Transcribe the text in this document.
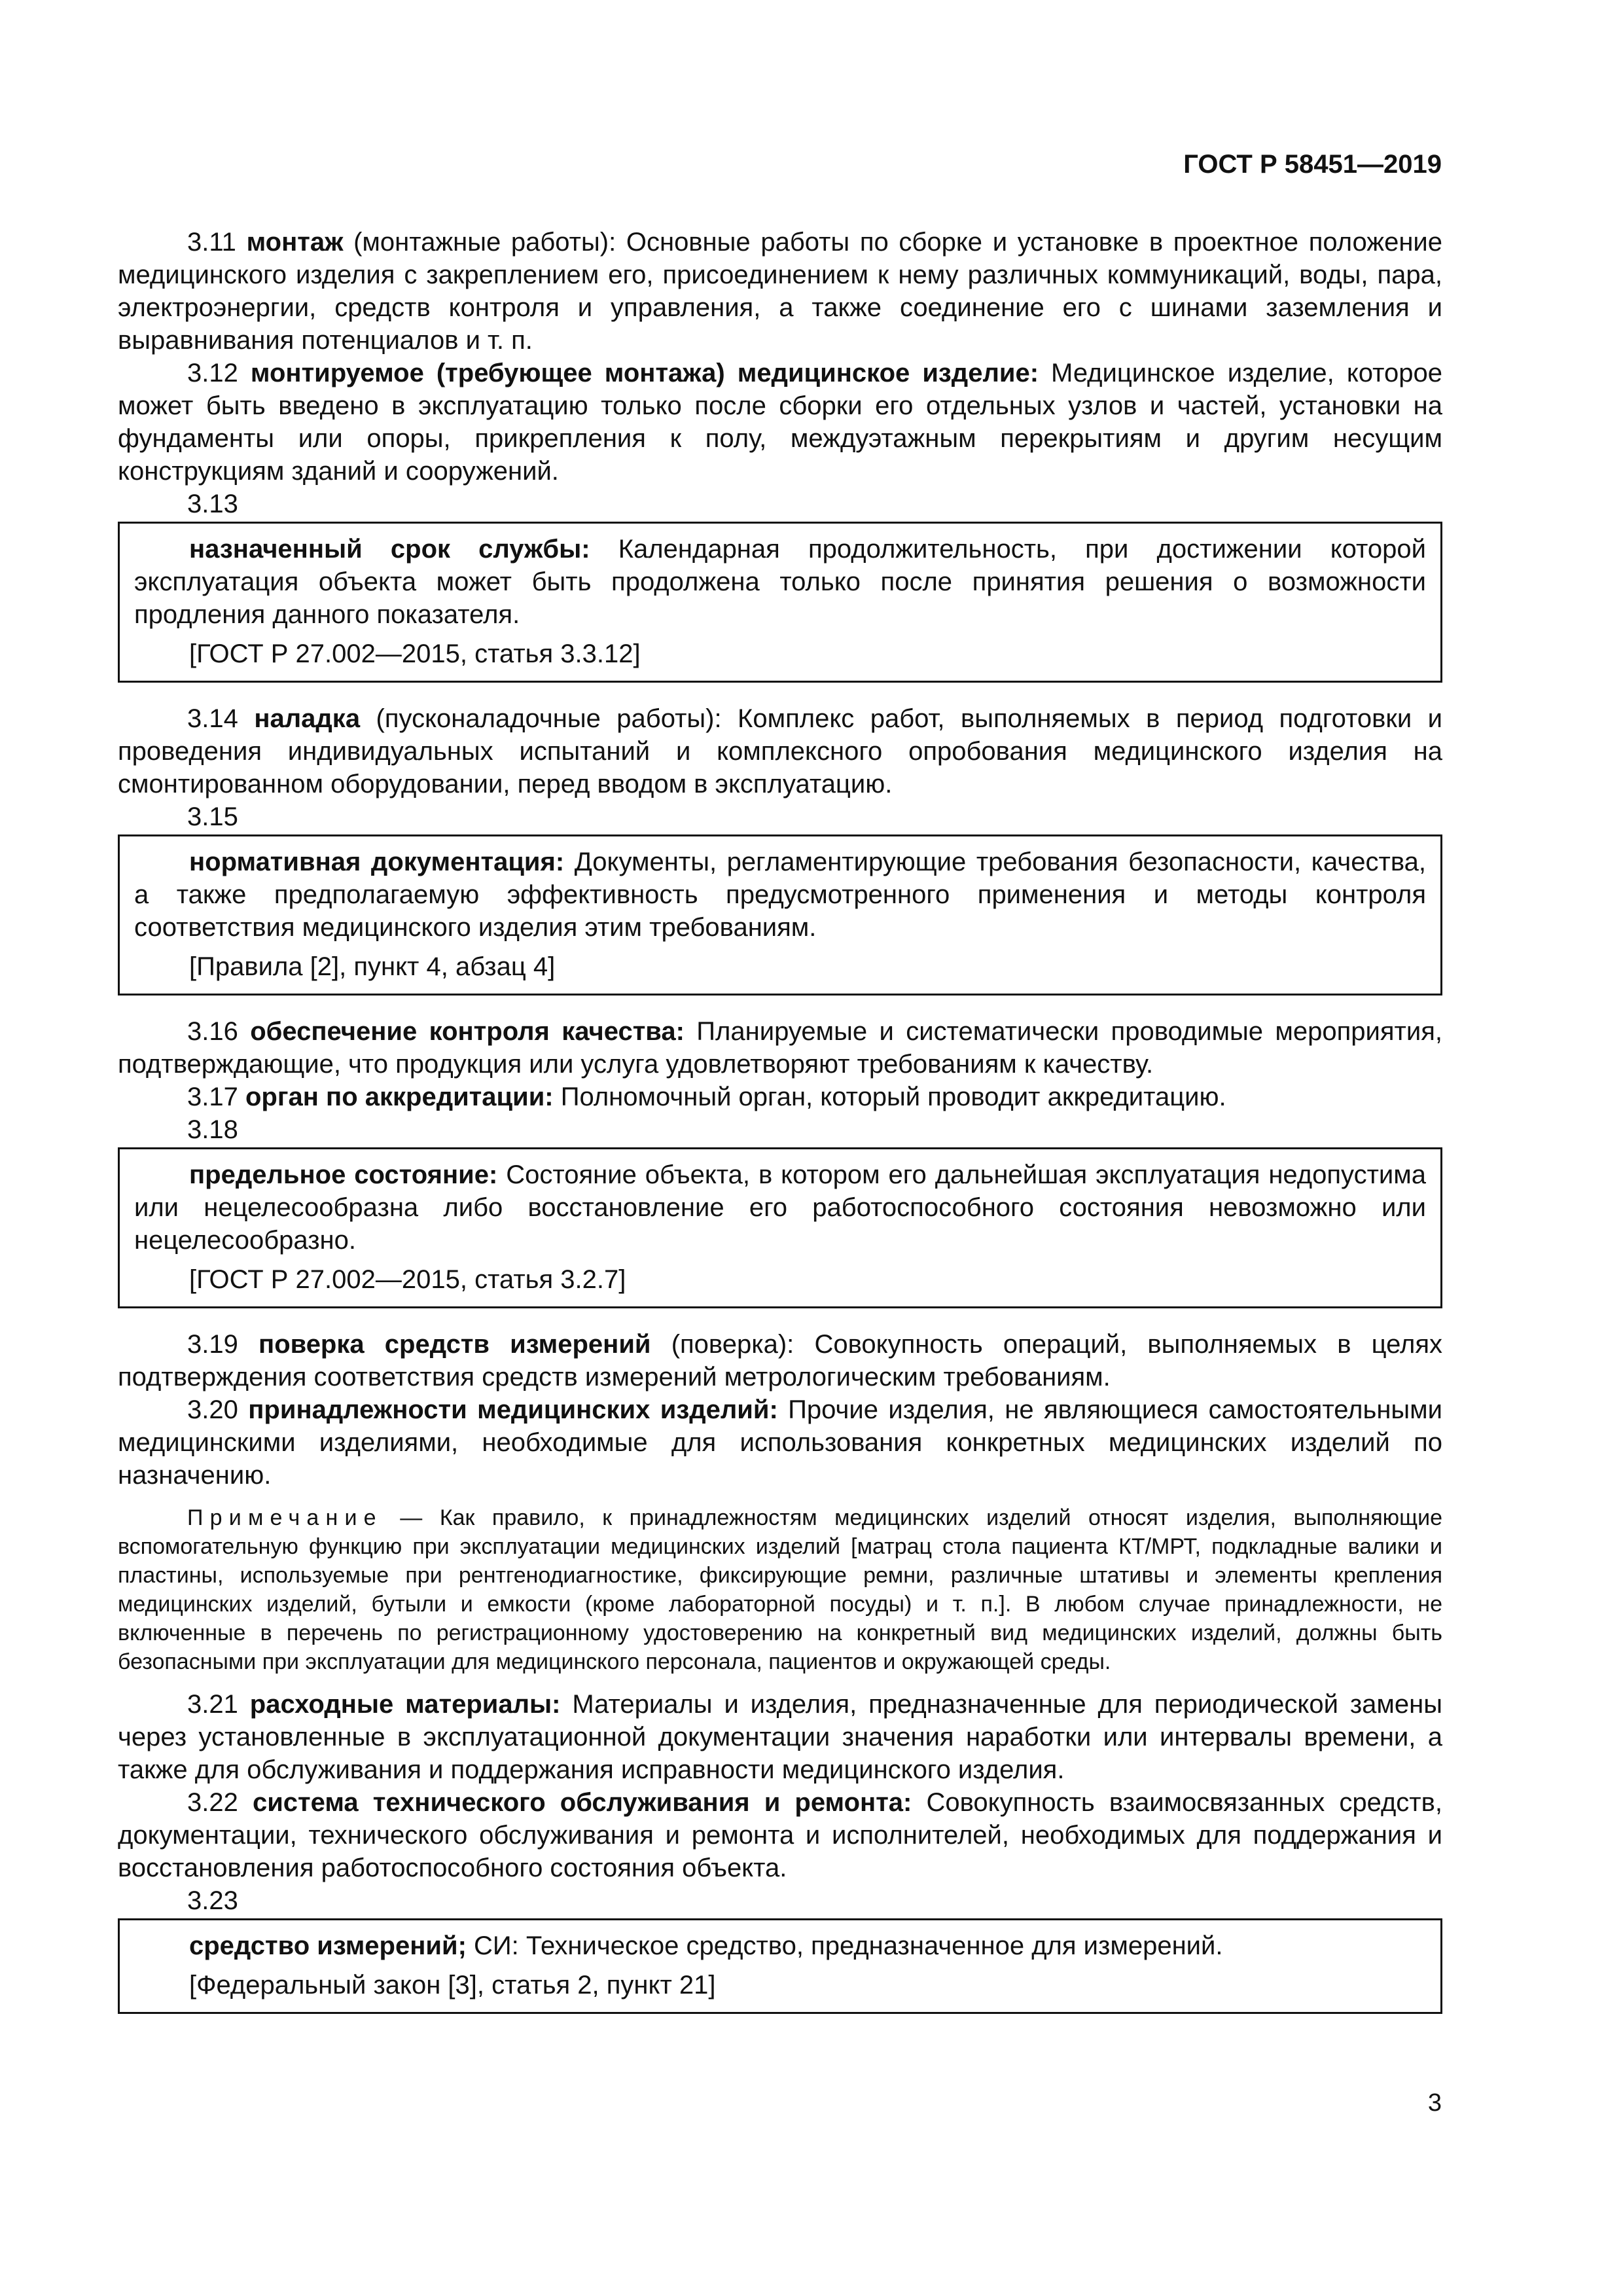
ГОСТ Р 58451—2019

3.11 монтаж (монтажные работы): Основные работы по сборке и установке в проектное положение медицинского изделия с закреплением его, присоединением к нему различных коммуникаций, воды, пара, электроэнергии, средств контроля и управления, а также соединение его с шинами заземления и выравнивания потенциалов и т. п.

3.12 монтируемое (требующее монтажа) медицинское изделие: Медицинское изделие, которое может быть введено в эксплуатацию только после сборки его отдельных узлов и частей, установки на фундаменты или опоры, прикрепления к полу, междуэтажным перекрытиям и другим несущим конструкциям зданий и сооружений.

3.13

назначенный срок службы: Календарная продолжительность, при достижении которой эксплуатация объекта может быть продолжена только после принятия решения о возможности продления данного показателя.

[ГОСТ Р 27.002—2015, статья 3.3.12]

3.14 наладка (пусконаладочные работы): Комплекс работ, выполняемых в период подготовки и проведения индивидуальных испытаний и комплексного опробования медицинского изделия на смонтированном оборудовании, перед вводом в эксплуатацию.

3.15

нормативная документация: Документы, регламентирующие требования безопасности, качества, а также предполагаемую эффективность предусмотренного применения и методы контроля соответствия медицинского изделия этим требованиям.

[Правила [2], пункт 4, абзац 4]

3.16 обеспечение контроля качества: Планируемые и систематически проводимые мероприятия, подтверждающие, что продукция или услуга удовлетворяют требованиям к качеству.

3.17 орган по аккредитации: Полномочный орган, который проводит аккредитацию.

3.18

предельное состояние: Состояние объекта, в котором его дальнейшая эксплуатация недопустима или нецелесообразна либо восстановление его работоспособного состояния невозможно или нецелесообразно.

[ГОСТ Р 27.002—2015, статья 3.2.7]

3.19 поверка средств измерений (поверка): Совокупность операций, выполняемых в целях подтверждения соответствия средств измерений метрологическим требованиям.

3.20 принадлежности медицинских изделий: Прочие изделия, не являющиеся самостоятельными медицинскими изделиями, необходимые для использования конкретных медицинских изделий по назначению.

Примечание — Как правило, к принадлежностям медицинских изделий относят изделия, выполняющие вспомогательную функцию при эксплуатации медицинских изделий [матрац стола пациента КТ/МРТ, подкладные валики и пластины, используемые при рентгенодиагностике, фиксирующие ремни, различные штативы и элементы крепления медицинских изделий, бутыли и емкости (кроме лабораторной посуды) и т. п.]. В любом случае принадлежности, не включенные в перечень по регистрационному удостоверению на конкретный вид медицинских изделий, должны быть безопасными при эксплуатации для медицинского персонала, пациентов и окружающей среды.

3.21 расходные материалы: Материалы и изделия, предназначенные для периодической замены через установленные в эксплуатационной документации значения наработки или интервалы времени, а также для обслуживания и поддержания исправности медицинского изделия.

3.22 система технического обслуживания и ремонта: Совокупность взаимосвязанных средств, документации, технического обслуживания и ремонта и исполнителей, необходимых для поддержания и восстановления работоспособного состояния объекта.

3.23

средство измерений; СИ: Техническое средство, предназначенное для измерений.

[Федеральный закон [3], статья 2, пункт 21]

3
